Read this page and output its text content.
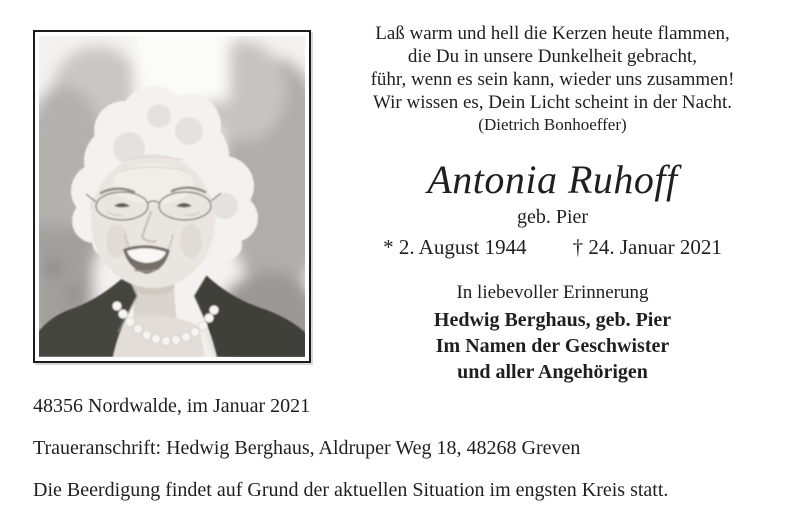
Laß warm und hell die Kerzen heute flammen,
die Du in unsere Dunkelheit gebracht,
führ, wenn es sein kann, wieder uns zusammen!
Wir wissen es, Dein Licht scheint in der Nacht.
(Dietrich Bonhoeffer)
Antonia Ruhoff
geb. Pier
* 2. August 1944 † 24. Januar 2021
In liebevoller Erinnerung
Hedwig Berghaus, geb. Pier
Im Namen der Geschwister
und aller Angehörigen
48356 Nordwalde, im Januar 2021
Traueranschrift: Hedwig Berghaus, Aldruper Weg 18, 48268 Greven
Die Beerdigung findet auf Grund der aktuellen Situation im engsten Kreis statt.
